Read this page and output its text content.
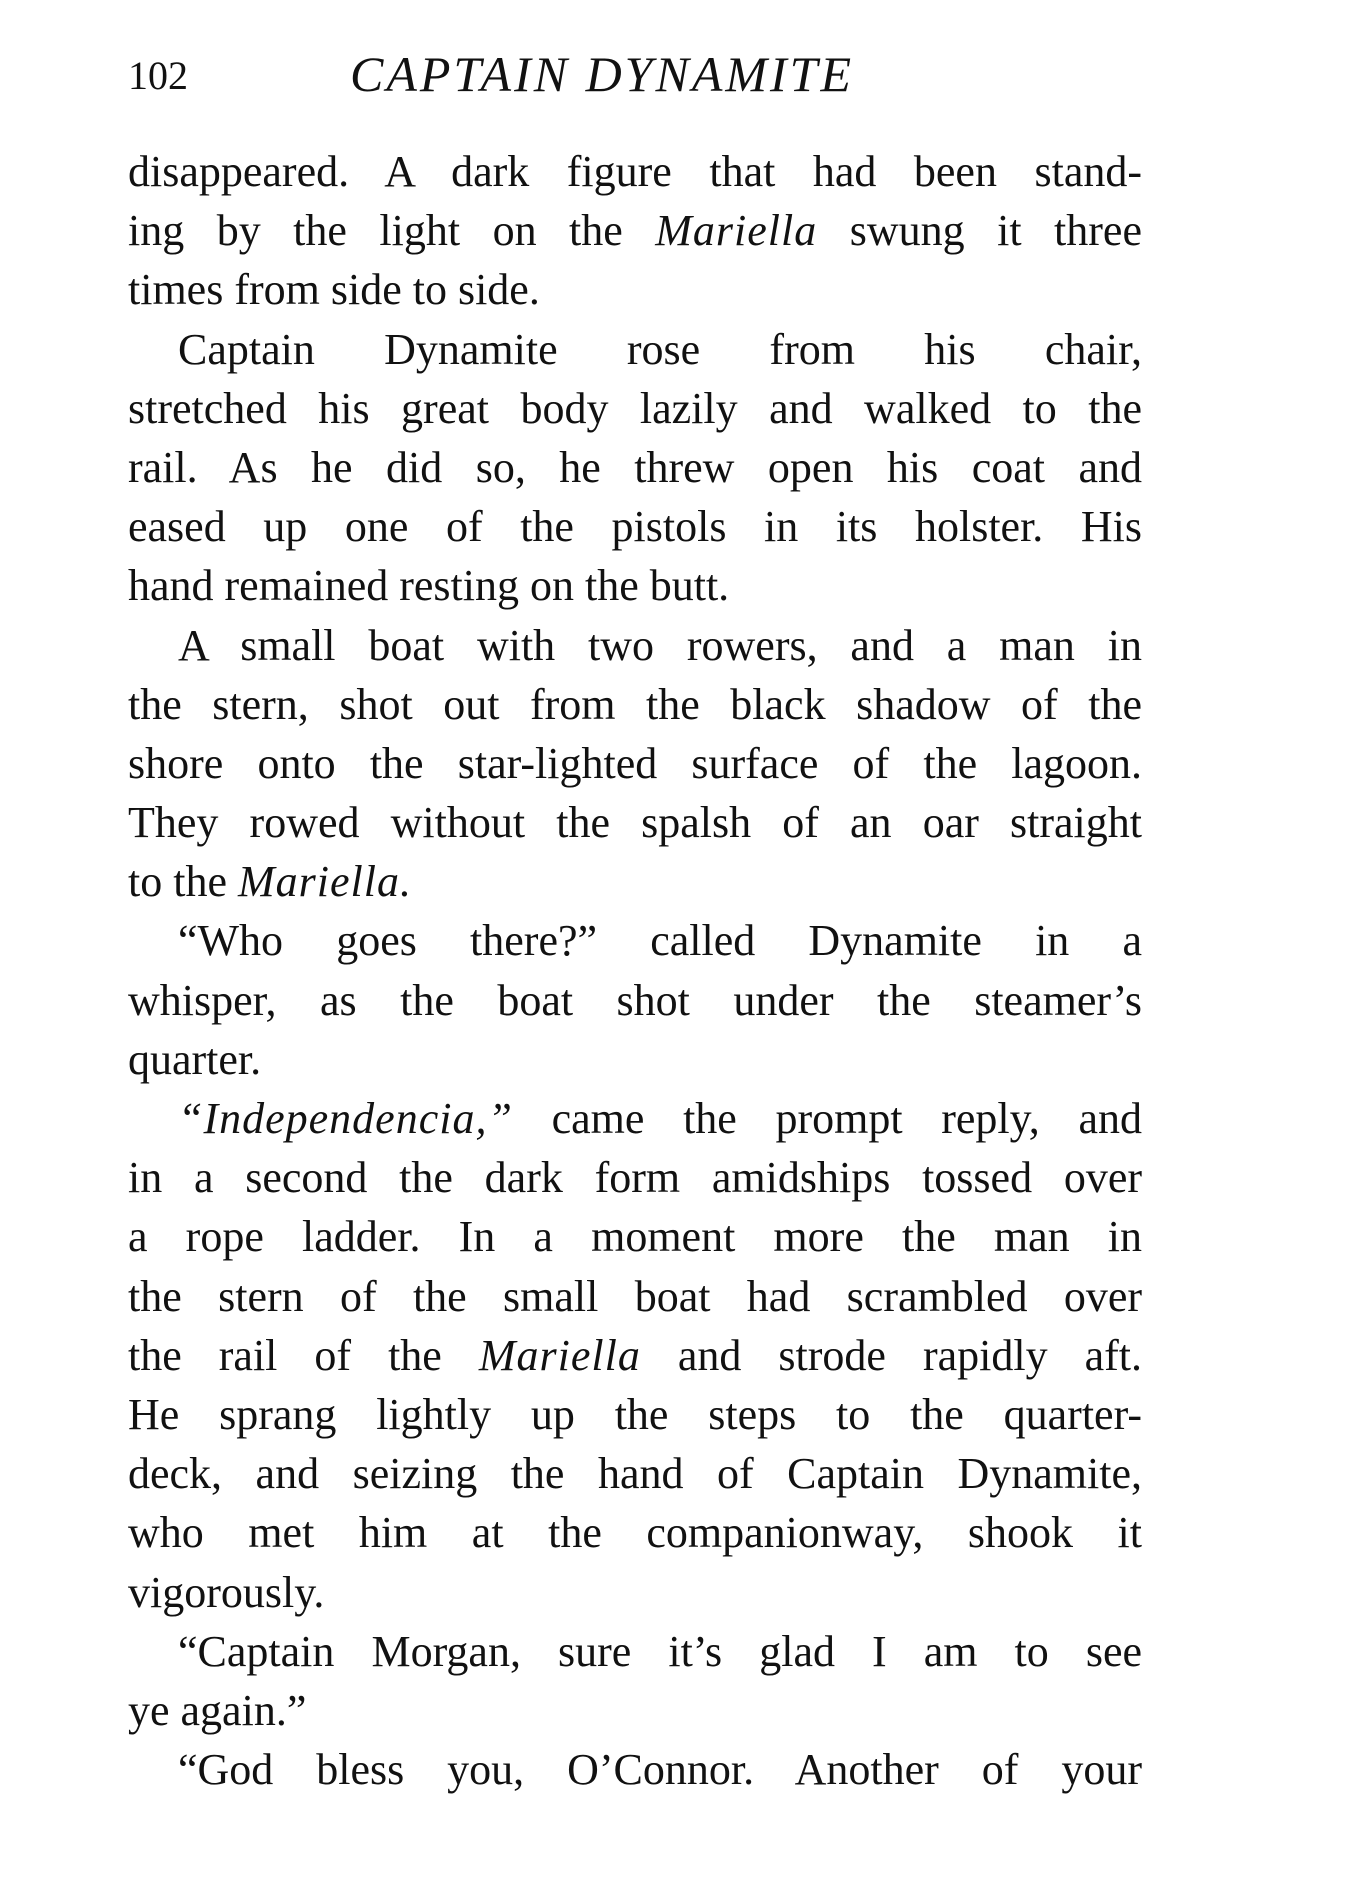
102	CAPTAIN DYNAMITE
disappeared. A dark figure that had been stand-
ing by the light on the Mariella swung it three
times from side to side.
Captain Dynamite rose from his chair,
stretched his great body lazily and walked to the
rail. As he did so, he threw open his coat and
eased up one of the pistols in its holster. His
hand remained resting on the butt.
A small boat with two rowers, and a man in
the stern, shot out from the black shadow of the
shore onto the star-lighted surface of the lagoon.
They rowed without the spalsh of an oar straight
to the Mariella.
“Who goes there?” called Dynamite in a
whisper, as the boat shot under the steamer’s
quarter.
“Independencia,” came the prompt reply, and
in a second the dark form amidships tossed over
a rope ladder. In a moment more the man in
the stern of the small boat had scrambled over
the rail of the Mariella and strode rapidly aft.
He sprang lightly up the steps to the quarter-
deck, and seizing the hand of Captain Dynamite,
who met him at the companionway, shook it
vigorously.
“Captain Morgan, sure it’s glad I am to see
ye again.”
“God bless you, O’Connor. Another of your
